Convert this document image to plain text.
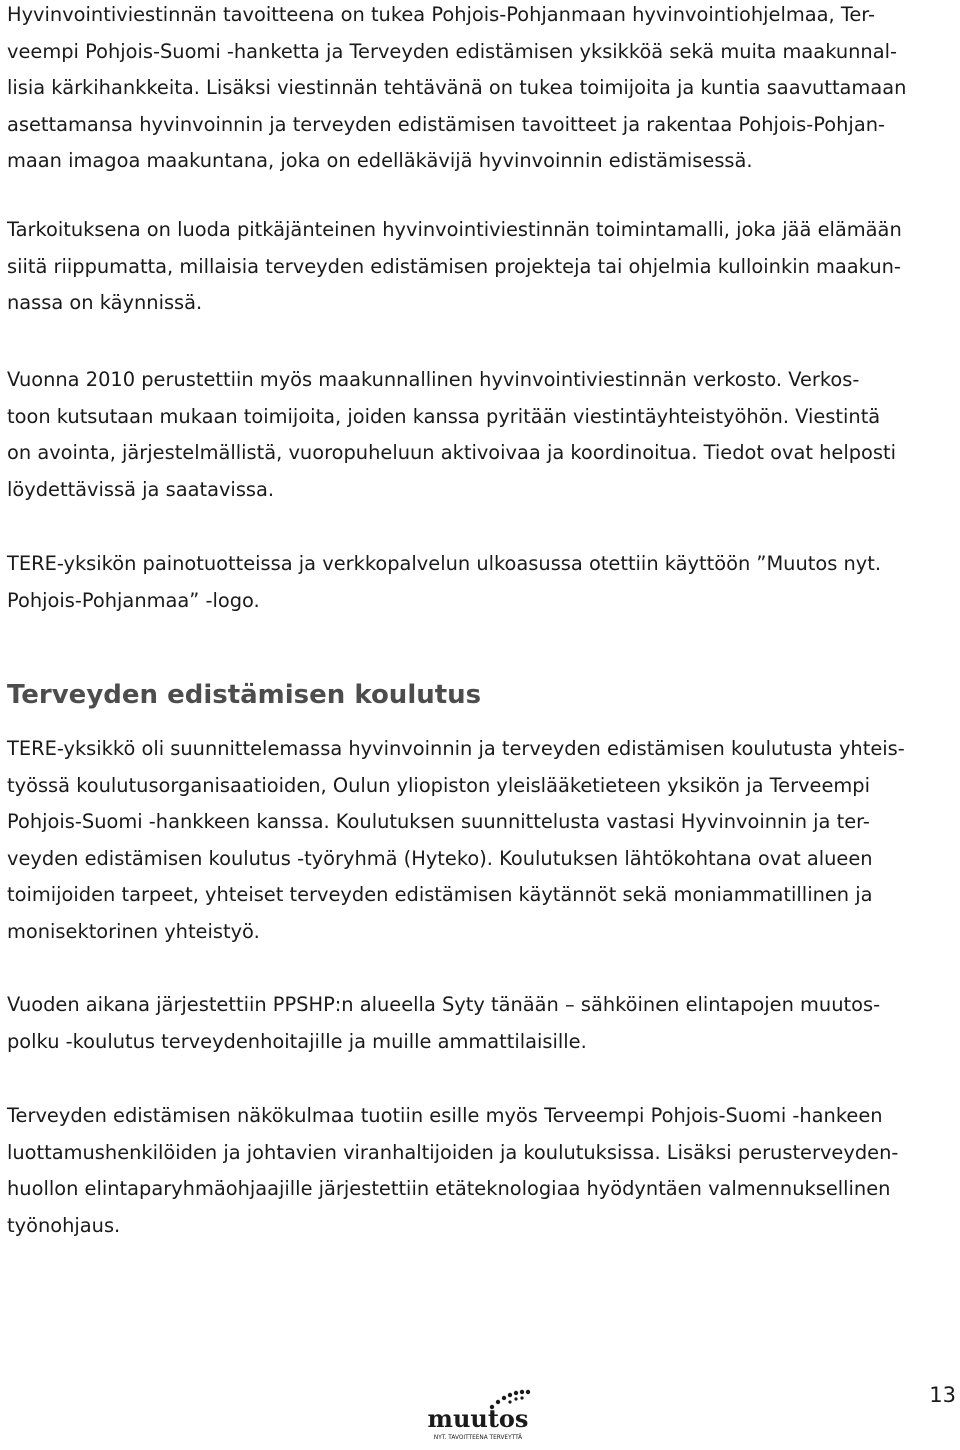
Hyvinvointiviestinnän tavoitteena on tukea Pohjois-Pohjanmaan hyvinvointiohjelmaa, Ter-

veempi Pohjois-Suomi -hanketta ja Terveyden edistämisen yksikköä sekä muita maakunnal-

lisia kärkihankkeita. Lisäksi viestinnän tehtävänä on tukea toimijoita ja kuntia saavuttamaan

asettamansa hyvinvoinnin ja terveyden edistämisen tavoitteet ja rakentaa Pohjois-Pohjan-

maan imagoa maakuntana, joka on edelläkävijä hyvinvoinnin edistämisessä.

Tarkoituksena on luoda pitkäjänteinen hyvinvointiviestinnän toimintamalli, joka jää elämään

siitä riippumatta, millaisia terveyden edistämisen projekteja tai ohjelmia kulloinkin maakun-

nassa on käynnissä.

Vuonna 2010 perustettiin myös maakunnallinen hyvinvointiviestinnän verkosto. Verkos-

toon kutsutaan mukaan toimijoita, joiden kanssa pyritään viestintäyhteistyöhön. Viestintä

on avointa, järjestelmällistä, vuoropuheluun aktivoivaa ja koordinoitua. Tiedot ovat helposti

löydettävissä ja saatavissa.

TERE-yksikön painotuotteissa ja verkkopalvelun ulkoasussa otettiin käyttöön ”Muutos nyt.

Pohjois-Pohjanmaa” -logo.

Terveyden edistämisen koulutus

TERE-yksikkö oli suunnittelemassa hyvinvoinnin ja terveyden edistämisen koulutusta yhteis-

työssä koulutusorganisaatioiden, Oulun yliopiston yleislääketieteen yksikön ja Terveempi

Pohjois-Suomi -hankkeen kanssa. Koulutuksen suunnittelusta vastasi Hyvinvoinnin ja ter-

veyden edistämisen koulutus -työryhmä (Hyteko). Koulutuksen lähtökohtana ovat alueen

toimijoiden tarpeet, yhteiset terveyden edistämisen käytännöt sekä moniammatillinen ja

monisektorinen yhteistyö.

Vuoden aikana järjestettiin PPSHP:n alueella Syty tänään – sähköinen elintapojen muutos-

polku -koulutus terveydenhoitajille ja muille ammattilaisille.

Terveyden edistämisen näkökulmaa tuotiin esille myös Terveempi Pohjois-Suomi -hankeen

luottamushenkilöiden ja johtavien viranhaltijoiden ja koulutuksissa. Lisäksi perusterveyden-

huollon elintaparyhmäohjaajille järjestettiin etäteknologiaa hyödyntäen valmennuksellinen

työnohjaus.

muutos
NYT. TAVOITTEENA TERVEYTTÄ
13
